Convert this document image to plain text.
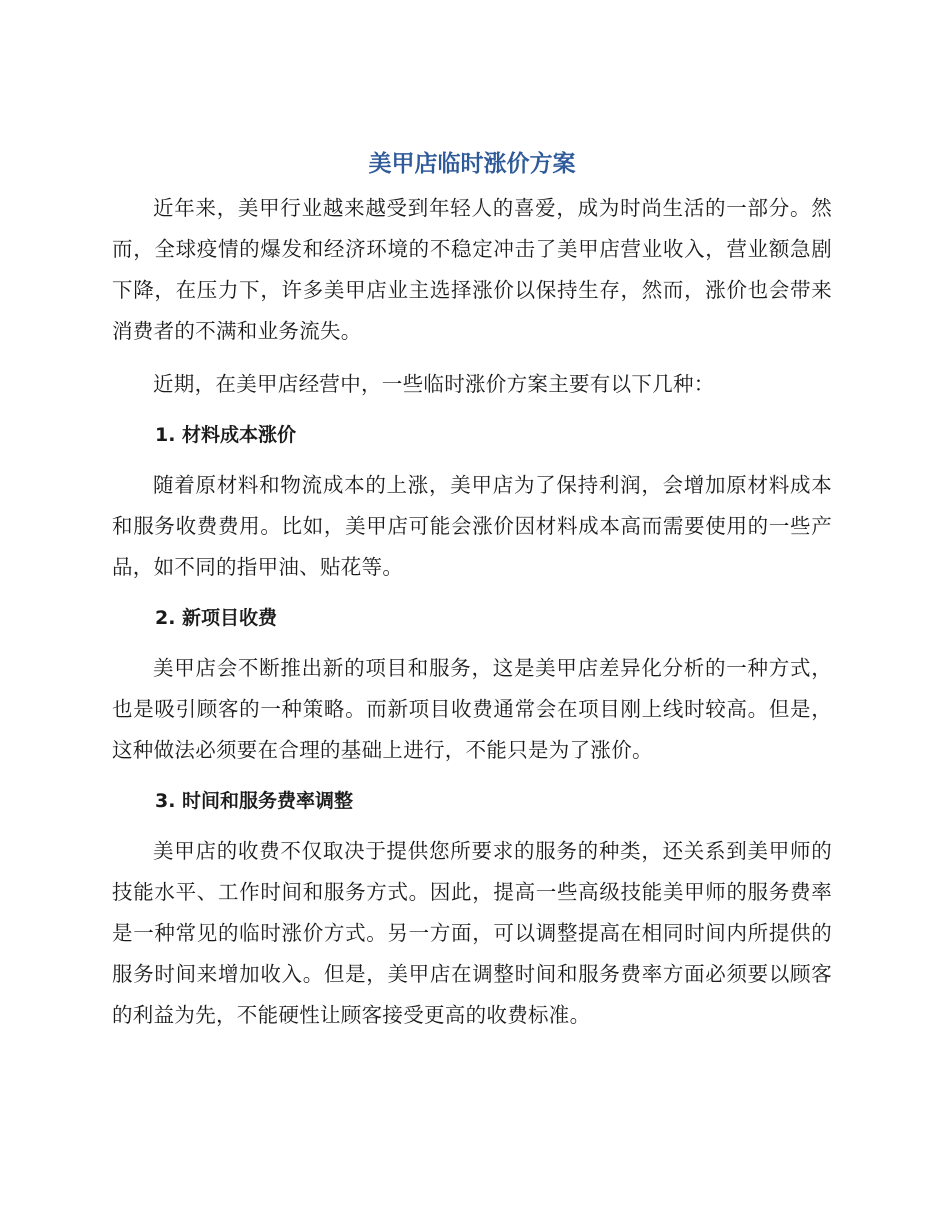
美甲店临时涨价方案

近年来，美甲行业越来越受到年轻人的喜爱，成为时尚生活的一部分。然而，全球疫情的爆发和经济环境的不稳定冲击了美甲店营业收入，营业额急剧下降，在压力下，许多美甲店业主选择涨价以保持生存，然而，涨价也会带来消费者的不满和业务流失。

近期，在美甲店经营中，一些临时涨价方案主要有以下几种：

1. 材料成本涨价

随着原材料和物流成本的上涨，美甲店为了保持利润，会增加原材料成本和服务收费费用。比如，美甲店可能会涨价因材料成本高而需要使用的一些产品，如不同的指甲油、贴花等。

2. 新项目收费

美甲店会不断推出新的项目和服务，这是美甲店差异化分析的一种方式，也是吸引顾客的一种策略。而新项目收费通常会在项目刚上线时较高。但是，这种做法必须要在合理的基础上进行，不能只是为了涨价。

3. 时间和服务费率调整

美甲店的收费不仅取决于提供您所要求的服务的种类，还关系到美甲师的技能水平、工作时间和服务方式。因此，提高一些高级技能美甲师的服务费率是一种常见的临时涨价方式。另一方面，可以调整提高在相同时间内所提供的服务时间来增加收入。但是，美甲店在调整时间和服务费率方面必须要以顾客的利益为先，不能硬性让顾客接受更高的收费标准。
